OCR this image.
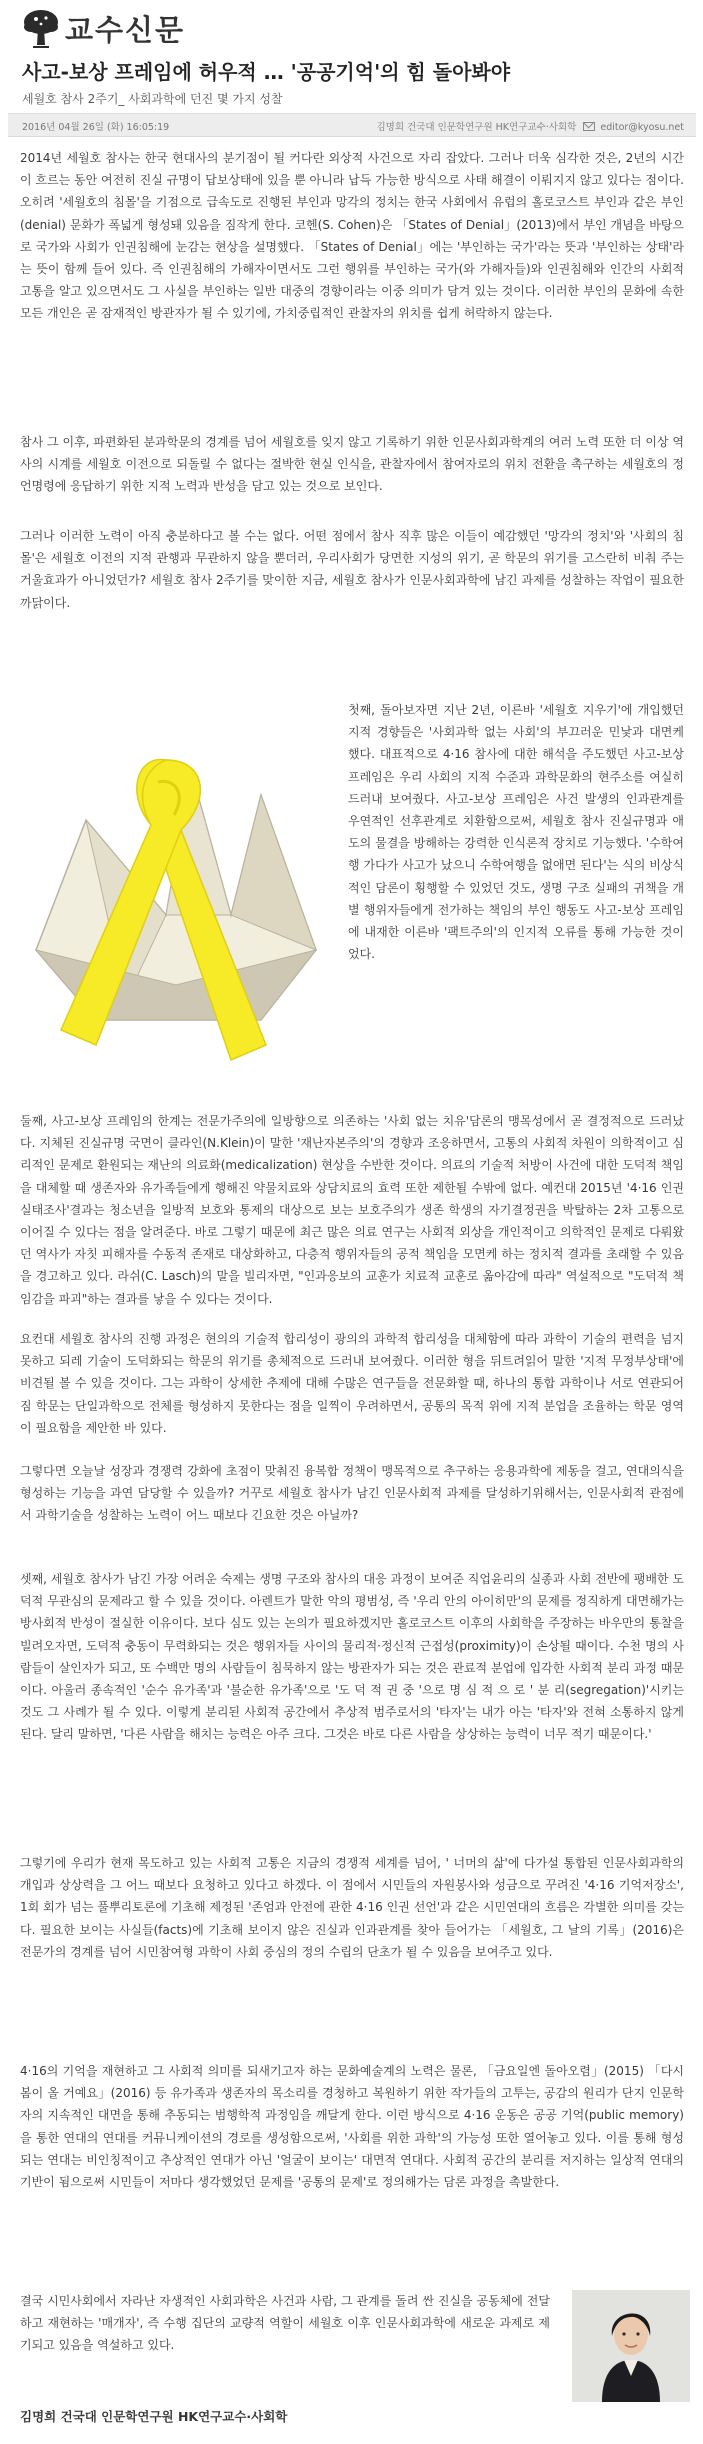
교수신문
사고-보상 프레임에 허우적 … '공공기억'의 힘 돌아봐야
세월호 참사 2주기_ 사회과학에 던진 몇 가지 성찰
2016년 04월 26일 (화) 16:05:19	김명희 건국대 인문학연구원 HK연구교수·사회학	editor@kyosu.net

2014년 세월호 참사는 한국 현대사의 분기점이 될 커다란 외상적 사건으로 자리 잡았다. 그러나 더욱 심각한 것은, 2년의 시간이 흐르는 동안 여전히 진실 규명이 답보상태에 있을 뿐 아니라 납득 가능한 방식으로 사태 해결이 이뤄지지 않고 있다는 점이다. 오히려 '세월호의 침몰'을 기점으로 급속도로 진행된 부인과 망각의 정치는 한국 사회에서 유럽의 홀로코스트 부인과 같은 부인(denial) 문화가 폭넓게 형성돼 있음을 짐작게 한다. 코헨(S. Cohen)은 「States of Denial」(2013)에서 부인 개념을 바탕으로 국가와 사회가 인권침해에 눈감는 현상을 설명했다. 「States of Denial」에는 '부인하는 국가'라는 뜻과 '부인하는 상태'라는 뜻이 함께 들어 있다. 즉 인권침해의 가해자이면서도 그런 행위를 부인하는 국가(와 가해자들)와 인권침해와 인간의 사회적 고통을 알고 있으면서도 그 사실을 부인하는 일반 대중의 경향이라는 이중 의미가 담겨 있는 것이다. 이러한 부인의 문화에 속한 모든 개인은 곧 잠재적인 방관자가 될 수 있기에, 가치중립적인 관찰자의 위치를 쉽게 허락하지 않는다.

참사 그 이후, 파편화된 분과학문의 경계를 넘어 세월호를 잊지 않고 기록하기 위한 인문사회과학계의 여러 노력 또한 더 이상 역사의 시계를 세월호 이전으로 되돌릴 수 없다는 절박한 현실 인식을, 관찰자에서 참여자로의 위치 전환을 촉구하는 세월호의 정언명령에 응답하기 위한 지적 노력과 반성을 담고 있는 것으로 보인다.

그러나 이러한 노력이 아직 충분하다고 볼 수는 없다. 어떤 점에서 참사 직후 많은 이들이 예감했던 '망각의 정치'와 '사회의 침몰'은 세월호 이전의 지적 관행과 무관하지 않을 뿐더러, 우리사회가 당면한 지성의 위기, 곧 학문의 위기를 고스란히 비춰 주는 거울효과가 아니었던가? 세월호 참사 2주기를 맞이한 지금, 세월호 참사가 인문사회과학에 남긴 과제를 성찰하는 작업이 필요한 까닭이다.

첫째, 돌아보자면 지난 2년, 이른바 '세월호 지우기'에 개입했던 지적 경향들은 '사회과학 없는 사회'의 부끄러운 민낯과 대면케 했다. 대표적으로 4·16 참사에 대한 해석을 주도했던 사고-보상 프레임은 우리 사회의 지적 수준과 과학문화의 현주소를 여실히 드러내 보여줬다. 사고-보상 프레임은 사건 발생의 인과관계를 우연적인 선후관계로 치환함으로써, 세월호 참사 진실규명과 애도의 물결을 방해하는 강력한 인식론적 장치로 기능했다. '수학여행 가다가 사고가 났으니 수학여행을 없애면 된다'는 식의 비상식적인 담론이 횡행할 수 있었던 것도, 생명 구조 실패의 귀책을 개별 행위자들에게 전가하는 책임의 부인 행동도 사고-보상 프레임에 내재한 이른바 '팩트주의'의 인지적 오류를 통해 가능한 것이었다.

둘째, 사고-보상 프레임의 한계는 전문가주의에 일방향으로 의존하는 '사회 없는 치유'담론의 맹목성에서 곧 결정적으로 드러났다. 지체된 진실규명 국면이 클라인(N.Klein)이 말한 '재난자본주의'의 경향과 조응하면서, 고통의 사회적 차원이 의학적이고 심리적인 문제로 환원되는 재난의 의료화(medicalization) 현상을 수반한 것이다. 의료의 기술적 처방이 사건에 대한 도덕적 책임을 대체할 때 생존자와 유가족들에게 행해진 약물치료와 상담치료의 효력 또한 제한될 수밖에 없다. 예컨대 2015년 '4·16 인권실태조사'결과는 청소년을 일방적 보호와 통제의 대상으로 보는 보호주의가 생존 학생의 자기결정권을 박탈하는 2차 고통으로 이어질 수 있다는 점을 알려준다. 바로 그렇기 때문에 최근 많은 의료 연구는 사회적 외상을 개인적이고 의학적인 문제로 다뤄왔던 역사가 자칫 피해자를 수동적 존재로 대상화하고, 다층적 행위자들의 공적 책임을 모면케 하는 정치적 결과를 초래할 수 있음을 경고하고 있다. 라쉬(C. Lasch)의 말을 빌리자면, "인과응보의 교훈가 치료적 교훈로 옮아감에 따라" 역설적으로 "도덕적 책임감을 파괴"하는 결과를 낳을 수 있다는 것이다.

요컨대 세월호 참사의 진행 과정은 현의의 기술적 합리성이 광의의 과학적 합리성을 대체함에 따라 과학이 기술의 편력을 넘지 못하고 되레 기술이 도덕화되는 학문의 위기를 총체적으로 드러내 보여줬다. 이러한 형을 뒤트려읽어 말한 '지적 무정부상태'에 비견될 볼 수 있을 것이다. 그는 과학이 상세한 추제에 대해 수많은 연구들을 전문화할 때, 하나의 통합 과학이나 서로 연관되어짐 학문는 단일과학으로 전체를 형성하지 못한다는 점을 일찍이 우려하면서, 공통의 목적 위에 지적 분업을 조율하는 학문 영역이 필요함을 제안한 바 있다.

그렇다면 오늘날 성장과 경쟁력 강화에 초점이 맞춰진 융복합 정책이 맹목적으로 추구하는 응용과학에 제동을 걸고, 연대의식을 형성하는 기능을 과연 담당할 수 있을까? 거꾸로 세월호 참사가 남긴 인문사회적 과제를 달성하기위해서는, 인문사회적 관점에서 과학기술을 성찰하는 노력이 어느 때보다 긴요한 것은 아닐까?

셋째, 세월호 참사가 남긴 가장 어려운 숙제는 생명 구조와 참사의 대응 과정이 보여준 직업윤리의 실종과 사회 전반에 팽배한 도덕적 무관심의 문제라고 할 수 있을 것이다. 아렌트가 말한 악의 평범성, 즉 '우리 안의 아이히만'의 문제를 정직하게 대면해가는 방사회적 반성이 절실한 이유이다. 보다 심도 있는 논의가 필요하겠지만 홀로코스트 이후의 사회학을 주장하는 바우만의 통찰을 빌려오자면, 도덕적 충동이 무력화되는 것은 행위자들 사이의 물리적·정신적 근접성(proximity)이 손상될 때이다. 수천 명의 사람들이 살인자가 되고, 또 수백만 명의 사람들이 침묵하지 않는 방관자가 되는 것은 관료적 분업에 입각한 사회적 분리 과정 때문이다. 아울러 종속적인 '순수 유가족'과 '불순한 유가족'으로 '도 덕 적 권 중 '으로 명 심 적 으 로 ' 분 리(segregation)'시키는 것도 그 사례가 될 수 있다. 이렇게 분리된 사회적 공간에서 추상적 범주로서의 '타자'는 내가 아는 '타자'와 전혀 소통하지 않게 된다. 달리 말하면, '다른 사람을 해치는 능력은 아주 크다. 그것은 바로 다른 사람을 상상하는 능력이 너무 적기 때문이다.'

그렇기에 우리가 현재 목도하고 있는 사회적 고통은 지금의 경쟁적 세계를 넘어, ' 너머의 삶'에 다가설 통합된 인문사회과학의 개입과 상상력을 그 어느 때보다 요청하고 있다고 하겠다. 이 점에서 시민들의 자원봉사와 성금으로 꾸려진 '4·16 기억저장소', 1회 회가 넘는 풀뿌리토론에 기초해 제정된 '존엄과 안전에 관한 4·16 인권 선언'과 같은 시민연대의 흐름은 각별한 의미를 갖는다. 필요한 보이는 사실들(facts)에 기초해 보이지 않은 진실과 인과관계를 찾아 들어가는 「세월호, 그 날의 기록」(2016)은 전문가의 경계를 넘어 시민참여형 과학이 사회 중심의 정의 수립의 단초가 될 수 있음을 보여주고 있다.

4·16의 기억을 재현하고 그 사회적 의미를 되새기고자 하는 문화예술계의 노력은 물론, 「금요일엔 돌아오렴」(2015) 「다시 봄이 올 거예요」(2016) 등 유가족과 생존자의 목소리를 경청하고 복원하기 위한 작가들의 고투는, 공감의 원리가 단지 인문학자의 지속적인 대면을 통해 추동되는 범행학적 과정임을 깨달게 한다. 이런 방식으로 4·16 운동은 공공 기억(public memory)을 통한 연대의 연대를 커뮤니케이션의 경로를 생성함으로써, '사회를 위한 과학'의 가능성 또한 열어놓고 있다. 이를 통해 형성되는 연대는 비인칭적이고 추상적인 연대가 아닌 '얼굴이 보이는' 대면적 연대다. 사회적 공간의 분리를 저지하는 일상적 연대의 기반이 됨으로써 시민들이 저마다 생각했었던 문제를 '공통의 문제'로 정의해가는 담론 과정을 촉발한다.

결국 시민사회에서 자라난 자생적인 사회과학은 사건과 사람, 그 관계를 돌려 싼 진실을 공동체에 전달하고 재현하는 '매개자', 즉 수행 집단의 교량적 역할이 세월호 이후 인문사회과학에 새로운 과제로 제기되고 있음을 역설하고 있다.

김명희 건국대 인문학연구원 HK연구교수·사회학
